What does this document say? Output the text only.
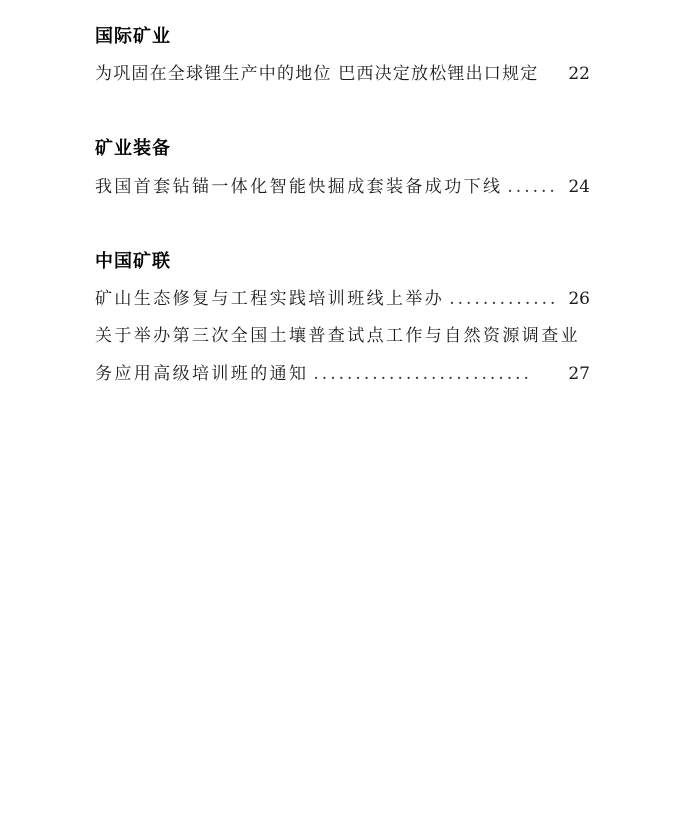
国际矿业
为巩固在全球锂生产中的地位 巴西决定放松锂出口规定 22
矿业装备
我国首套钻锚一体化智能快掘成套装备成功下线 ...... 24
中国矿联
矿山生态修复与工程实践培训班线上举办 ............. 26
关于举办第三次全国土壤普查试点工作与自然资源调查业
务应用高级培训班的通知 ..........................	27
